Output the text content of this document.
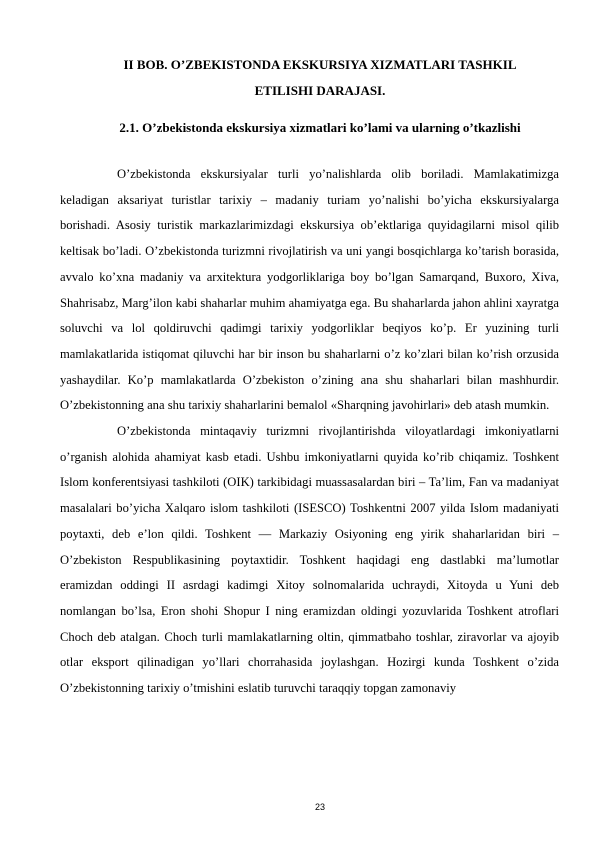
II BOB. O’ZBEKISTONDA EKSKURSIYA XIZMATLARI TASHKIL ETILISHI DARAJASI.
2.1. O’zbekistonda ekskursiya xizmatlari ko’lami va ularning o’tkazlishi

O’zbekistonda ekskursiyalar turli yo’nalishlarda olib boriladi. Mamlakatimizga keladigan aksariyat turistlar tarixiy – madaniy turiam yo’nalishi bo’yicha ekskursiyalarga borishadi. Asosiy turistik markazlarimizdagi ekskursiya ob’ektlariga quyidagilarni misol qilib keltisak bo’ladi. O’zbekistonda turizmni rivojlatirish va uni yangi bosqichlarga ko’tarish borasida, avvalo ko’xna madaniy va arxitektura yodgorliklariga boy bo’lgan Samarqand, Buxoro, Xiva, Shahrisabz, Marg’ilon kabi shaharlar muhim ahamiyatga ega. Bu shaharlarda jahon ahlini xayratga soluvchi va lol qoldiruvchi qadimgi tarixiy yodgorliklar beqiyos ko’p. Er yuzining turli mamlakatlarida istiqomat qiluvchi har bir inson bu shaharlarni o’z ko’zlari bilan ko’rish orzusida yashaydilar. Ko’p mamlakatlarda O’zbekiston o’zining ana shu shaharlari bilan mashhurdir. O’zbekistonning ana shu tarixiy shaharlarini bemalol «Sharqning javohirlari» deb atash mumkin.

O’zbekistonda mintaqaviy turizmni rivojlantirishda viloyatlardagi imkoniyatlarni o’rganish alohida ahamiyat kasb etadi. Ushbu imkoniyatlarni quyida ko’rib chiqamiz. Toshkent Islom konferentsiyasi tashkiloti (OIK) tarkibidagi muassasalardan biri – Ta’lim, Fan va madaniyat masalalari bo’yicha Xalqaro islom tashkiloti (ISESCO) Toshkentni 2007 yilda Islom madaniyati poytaxti, deb e’lon qildi. Toshkent — Markaziy Osiyoning eng yirik shaharlaridan biri – O’zbekiston Respublikasining poytaxtidir. Toshkent haqidagi eng dastlabki ma’lumotlar eramizdan oddingi II asrdagi kadimgi Xitoy solnomalarida uchraydi, Xitoyda u Yuni deb nomlangan bo’lsa, Eron shohi Shopur I ning eramizdan oldingi yozuvlarida Toshkent atroflari Choch deb atalgan. Choch turli mamlakatlarning oltin, qimmatbaho toshlar, ziravorlar va ajoyib otlar eksport qilinadigan yo’llari chorrahasida joylashgan. Hozirgi kunda Toshkent o’zida O’zbekistonning tarixiy o’tmishini eslatib turuvchi taraqqiy topgan zamonaviy

23
